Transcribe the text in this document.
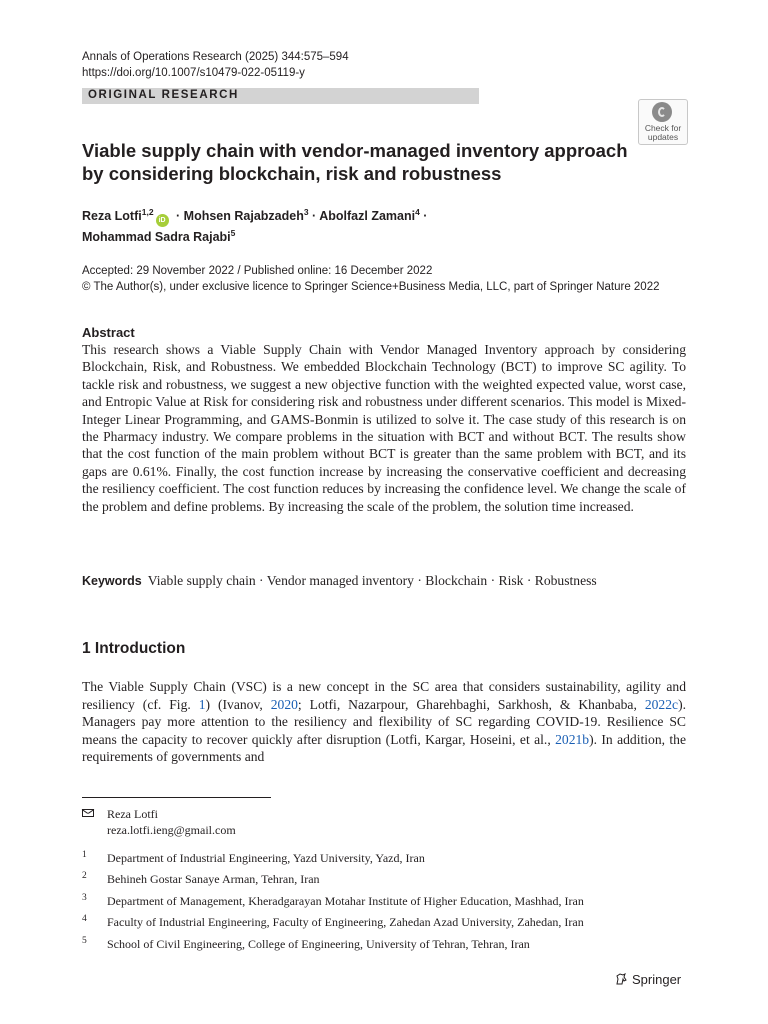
Annals of Operations Research (2025) 344:575–594
https://doi.org/10.1007/s10479-022-05119-y
ORIGINAL RESEARCH
Check for
updates
Viable supply chain with vendor-managed inventory approach by considering blockchain, risk and robustness
Reza Lotfi$^{1,2}$iD · Mohsen Rajabzadeh$^3$ · Abolfazl Zamani$^4$ ·
Mohammad Sadra Rajabi$^5$
Accepted: 29 November 2022 / Published online: 16 December 2022
© The Author(s), under exclusive licence to Springer Science+Business Media, LLC, part of Springer Nature 2022
Abstract

This research shows a Viable Supply Chain with Vendor Managed Inventory approach by considering Blockchain, Risk, and Robustness. We embedded Blockchain Technology (BCT) to improve SC agility. To tackle risk and robustness, we suggest a new objective function with the weighted expected value, worst case, and Entropic Value at Risk for considering risk and robustness under different scenarios. This model is Mixed-Integer Linear Programming, and GAMS-Bonmin is utilized to solve it. The case study of this research is on the Pharmacy industry. We compare problems in the situation with BCT and without BCT. The results show that the cost function of the main problem without BCT is greater than the same problem with BCT, and its gaps are 0.61%. Finally, the cost function increase by increasing the conservative coefficient and decreasing the resiliency coefficient. The cost function reduces by increasing the confidence level. We change the scale of the problem and define problems. By increasing the scale of the problem, the solution time increased.

Keywords Viable supply chain · Vendor managed inventory · Blockchain · Risk · Robustness

1 Introduction

The Viable Supply Chain (VSC) is a new concept in the SC area that considers sustainability, agility and resiliency (cf. Fig. 1) (Ivanov, 2020; Lotfi, Nazarpour, Gharehbaghi, Sarkhosh, & Khanbaba, 2022c). Managers pay more attention to the resiliency and flexibility of SC regarding COVID-19. Resilience SC means the capacity to recover quickly after disruption (Lotfi, Kargar, Hoseini, et al., 2021b). In addition, the requirements of governments and

Reza Lotfi
reza.lotfi.ieng@gmail.com
1 Department of Industrial Engineering, Yazd University, Yazd, Iran
2 Behineh Gostar Sanaye Arman, Tehran, Iran
3 Department of Management, Kheradgarayan Motahar Institute of Higher Education, Mashhad, Iran
4 Faculty of Industrial Engineering, Faculty of Engineering, Zahedan Azad University, Zahedan, Iran
5 School of Civil Engineering, College of Engineering, University of Tehran, Tehran, Iran
Springer
